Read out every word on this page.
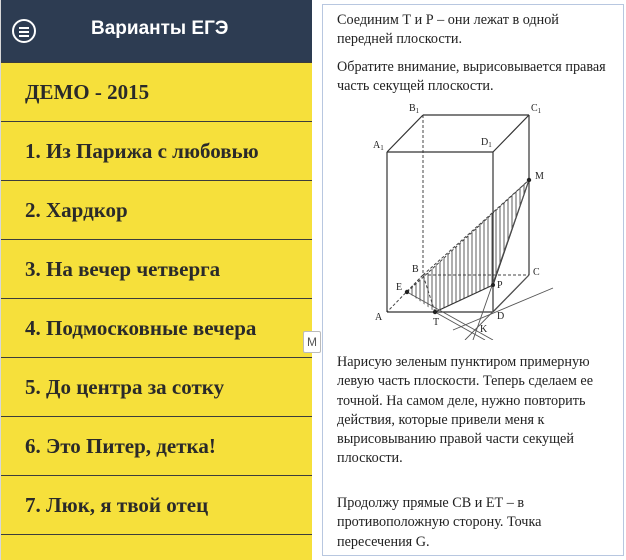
Варианты ЕГЭ
ДЕМО - 2015
1. Из Парижа с любовью
2. Хардкор
3. На вечер четверга
4. Подмосковные вечера
5. До центра за сотку
6. Это Питер, детка!
7. Люк, я твой отец
M

Соединим Т и Р – они лежат в одной передней плоскости.

Обратите внимание, вырисовывается правая часть секущей плоскости.

$B_1$	$C_1$
$A_1$	$D_1$
M
B	C
E	P
A	T
D
K

Нарисую зеленым пунктиром примерную левую часть плоскости. Теперь сделаем ее точной. На самом деле, нужно повторить действия, которые привели меня к вырисовыванию правой части секущей плоскости.

Продолжу прямые СВ и ЕТ – в противоположную сторону. Точка пересечения G.
